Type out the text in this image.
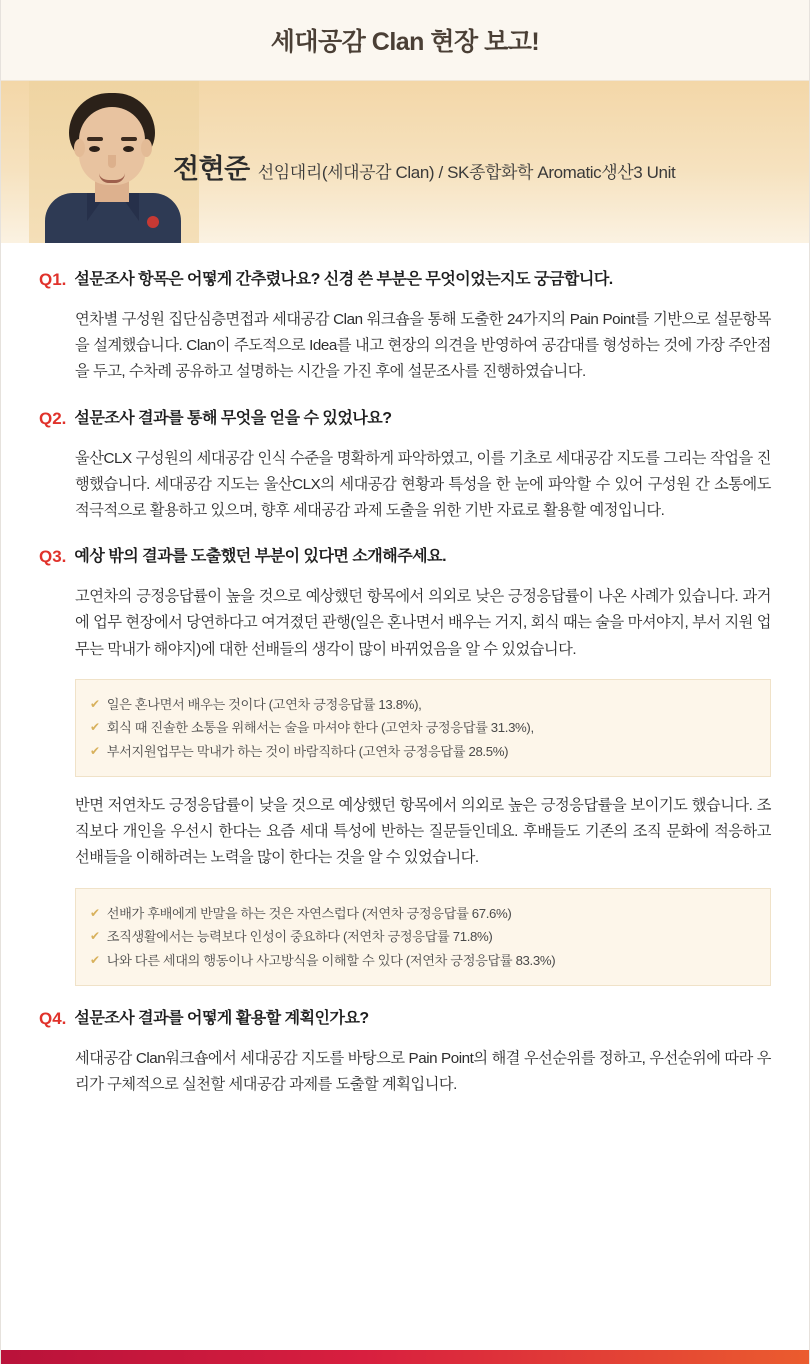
세대공감 Clan 현장 보고!
전현준 선임대리(세대공감 Clan) / SK종합화학 Aromatic생산3 Unit
Q1. 설문조사 항목은 어떻게 간추렸나요? 신경 쓴 부분은 무엇이었는지도 궁금합니다.

연차별 구성원 집단심층면접과 세대공감 Clan 워크숍을 통해 도출한 24가지의 Pain Point를 기반으로 설문항목을 설계했습니다. Clan이 주도적으로 Idea를 내고 현장의 의견을 반영하여 공감대를 형성하는 것에 가장 주안점을 두고, 수차례 공유하고 설명하는 시간을 가진 후에 설문조사를 진행하였습니다.

Q2. 설문조사 결과를 통해 무엇을 얻을 수 있었나요?

울산CLX 구성원의 세대공감 인식 수준을 명확하게 파악하였고, 이를 기초로 세대공감 지도를 그리는 작업을 진행했습니다. 세대공감 지도는 울산CLX의 세대공감 현황과 특성을 한 눈에 파악할 수 있어 구성원 간 소통에도 적극적으로 활용하고 있으며, 향후 세대공감 과제 도출을 위한 기반 자료로 활용할 예정입니다.

Q3. 예상 밖의 결과를 도출했던 부분이 있다면 소개해주세요.

고연차의 긍정응답률이 높을 것으로 예상했던 항목에서 의외로 낮은 긍정응답률이 나온 사례가 있습니다. 과거에 업무 현장에서 당연하다고 여겨졌던 관행(일은 혼나면서 배우는 거지, 회식 때는 술을 마셔야지, 부서 지원 업무는 막내가 해야지)에 대한 선배들의 생각이 많이 바뀌었음을 알 수 있었습니다.

✔ 일은 혼나면서 배우는 것이다 (고연차 긍정응답률 13.8%),
✔ 회식 때 진솔한 소통을 위해서는 술을 마셔야 한다 (고연차 긍정응답률 31.3%),
✔ 부서지원업무는 막내가 하는 것이 바람직하다 (고연차 긍정응답률 28.5%)

반면 저연차도 긍정응답률이 낮을 것으로 예상했던 항목에서 의외로 높은 긍정응답률을 보이기도 했습니다. 조직보다 개인을 우선시 한다는 요즘 세대 특성에 반하는 질문들인데요. 후배들도 기존의 조직 문화에 적응하고 선배들을 이해하려는 노력을 많이 한다는 것을 알 수 있었습니다.

✔ 선배가 후배에게 반말을 하는 것은 자연스럽다 (저연차 긍정응답률 67.6%)
✔ 조직생활에서는 능력보다 인성이 중요하다 (저연차 긍정응답률 71.8%)
✔ 나와 다른 세대의 행동이나 사고방식을 이해할 수 있다 (저연차 긍정응답률 83.3%)
Q4. 설문조사 결과를 어떻게 활용할 계획인가요?

세대공감 Clan워크숍에서 세대공감 지도를 바탕으로 Pain Point의 해결 우선순위를 정하고, 우선순위에 따라 우리가 구체적으로 실천할 세대공감 과제를 도출할 계획입니다.
